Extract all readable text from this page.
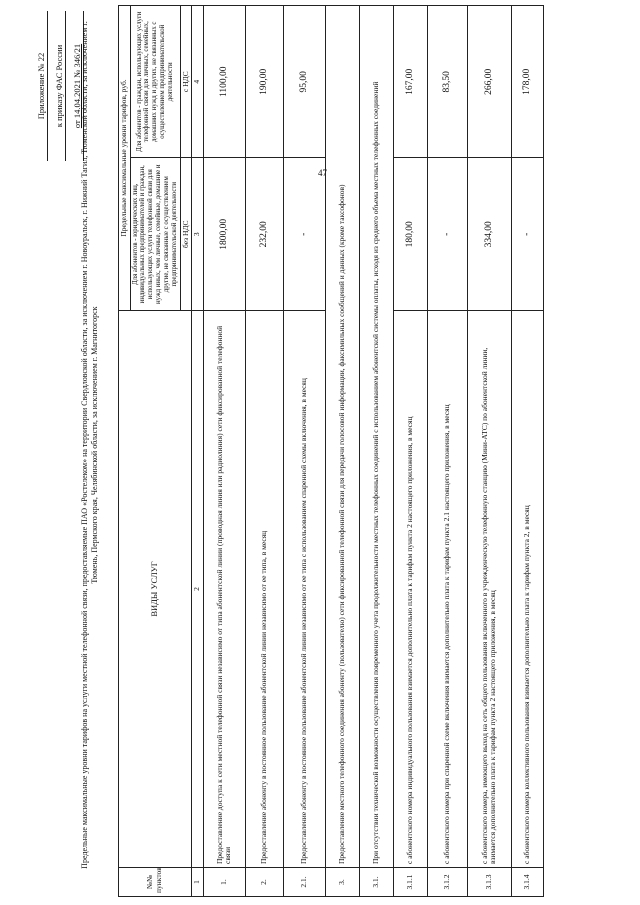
47
Приложение № 22 к приказу ФАС России от 14.04.2021 № 346/21
Предельные максимальные уровни тарифов на услуги местной телефонной связи, предоставляемые ПАО «Ростелеком» на территории Свердловской области, за исключением г. Новоуральск, г. Нижний Тагил, Тюменской области, за исключением г. Тюмень, Пермского края, Челябинской области, за исключением г. Магнитогорск
№№ пунктов	ВИДЫ УСЛУГ	Предельные максимальные уровни тарифов, руб.	
		Для абонентов - юридических лиц, индивидуальных предпринимателей и граждан, использующих услуги телефонной связи для нужд иных, чем личные, семейные, домашние и другие, не связанные с осуществлением предпринимательской деятельности	Для абонентов - граждан, использующих услуги телефонной связи для личных, семейных, домашних нужд и других, не связанных с осуществлением предпринимательской деятельности
		без НДС	с НДС
1	2	3	4
1.	Предоставление доступа к сети местной телефонной связи независимо от типа абонентской линии (проводная линия или радиолиния) сети фиксированной телефонной связи	1800,00	1100,00
2.	Предоставление абоненту в постоянное пользование абонентской линии независимо от ее типа, в месяц	232,00	190,00
2.1.	Предоставление абоненту в постоянное пользование абонентской линии независимо от ее типа с использованием спаренной схемы включения, в месяц	-	95,00
3.	Предоставление местного телефонного соединения абоненту (пользователю) сети фиксированной телефонной связи для передачи голосовой информации, факсимильных сообщений и данных (кроме таксофонов)		
3.1.	При отсутствии технической возможности осуществления повременного учета продолжительности местных телефонных соединений с использованием абонентской системы оплаты, исходя из среднего объема местных телефонных соединений		
3.1.1	с абонентского номера индивидуального пользования взимается дополнительно плата к тарифам пункта 2 настоящего приложения, в месяц	180,00	167,00
3.1.2	с абонентского номера при спаренной схеме включения взимается дополнительно плата к тарифам пункта 2.1 настоящего приложения, в месяц	-	83,50
3.1.3	с абонентского номера, имеющего выход на сеть общего пользования включенного в учрежденческую телефонную станцию (Мини-АТС) по абонентской линии, взимается дополнительно плата к тарифам пункта 2 настоящего приложения, в месяц	334,00	266,00
3.1.4	с абонентского номера коллективного пользования взимается дополнительно плата к тарифам пункта 2, в месяц	-	178,00
